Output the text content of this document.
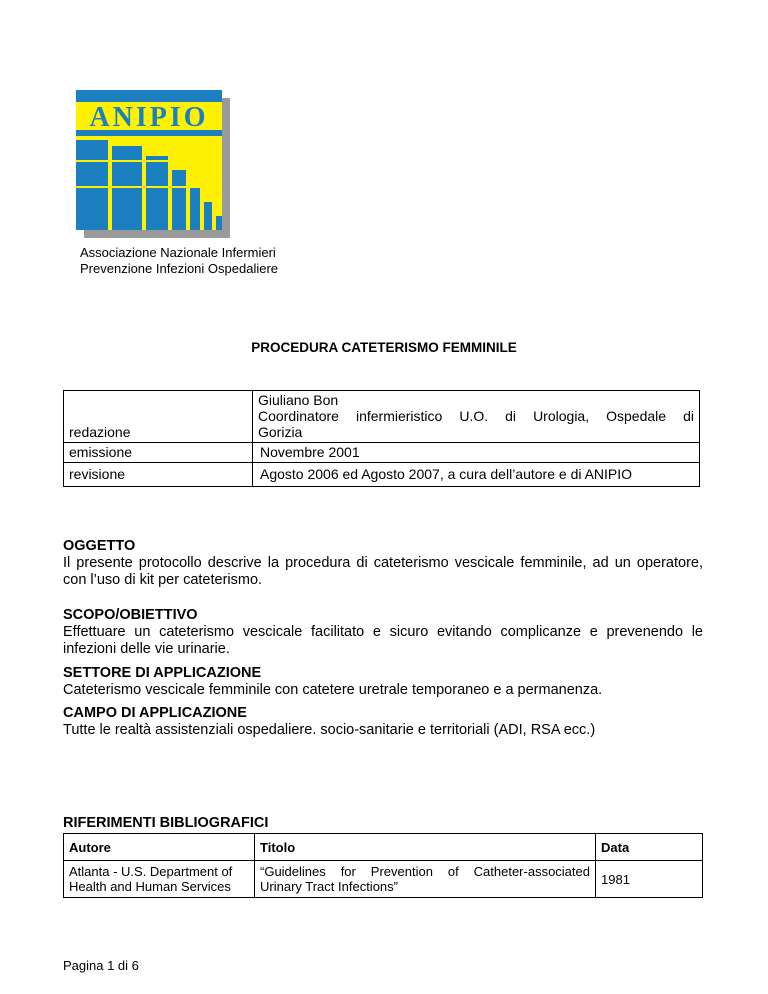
ANIPIO
Associazione Nazionale Infermieri
Prevenzione Infezioni Ospedaliere
PROCEDURA CATETERISMO FEMMINILE
redazione	Giuliano Bon
Coordinatore infermieristico U.O. di Urologia, Ospedale di
Gorizia

emissione	Novembre 2001
revisione	Agosto 2006 ed Agosto 2007, a cura dell’autore e di ANIPIO
OGGETTO

Il presente protocollo descrive la procedura di cateterismo vescicale femminile, ad un operatore, con l’uso di kit per cateterismo.

SCOPO/OBIETTIVO

Effettuare un cateterismo vescicale facilitato e sicuro evitando complicanze e prevenendo le infezioni delle vie urinarie.

SETTORE DI APPLICAZIONE

Cateterismo vescicale femminile con catetere uretrale temporaneo e a permanenza.

CAMPO DI APPLICAZIONE

Tutte le realtà assistenziali ospedaliere. socio-sanitarie e territoriali (ADI, RSA ecc.)

RIFERIMENTI BIBLIOGRAFICI
Autore	Titolo	Data
Atlanta - U.S. Department of Health and Human Services	“Guidelines for Prevention of Catheter-associated Urinary Tract Infections”	1981
Pagina 1 di 6
